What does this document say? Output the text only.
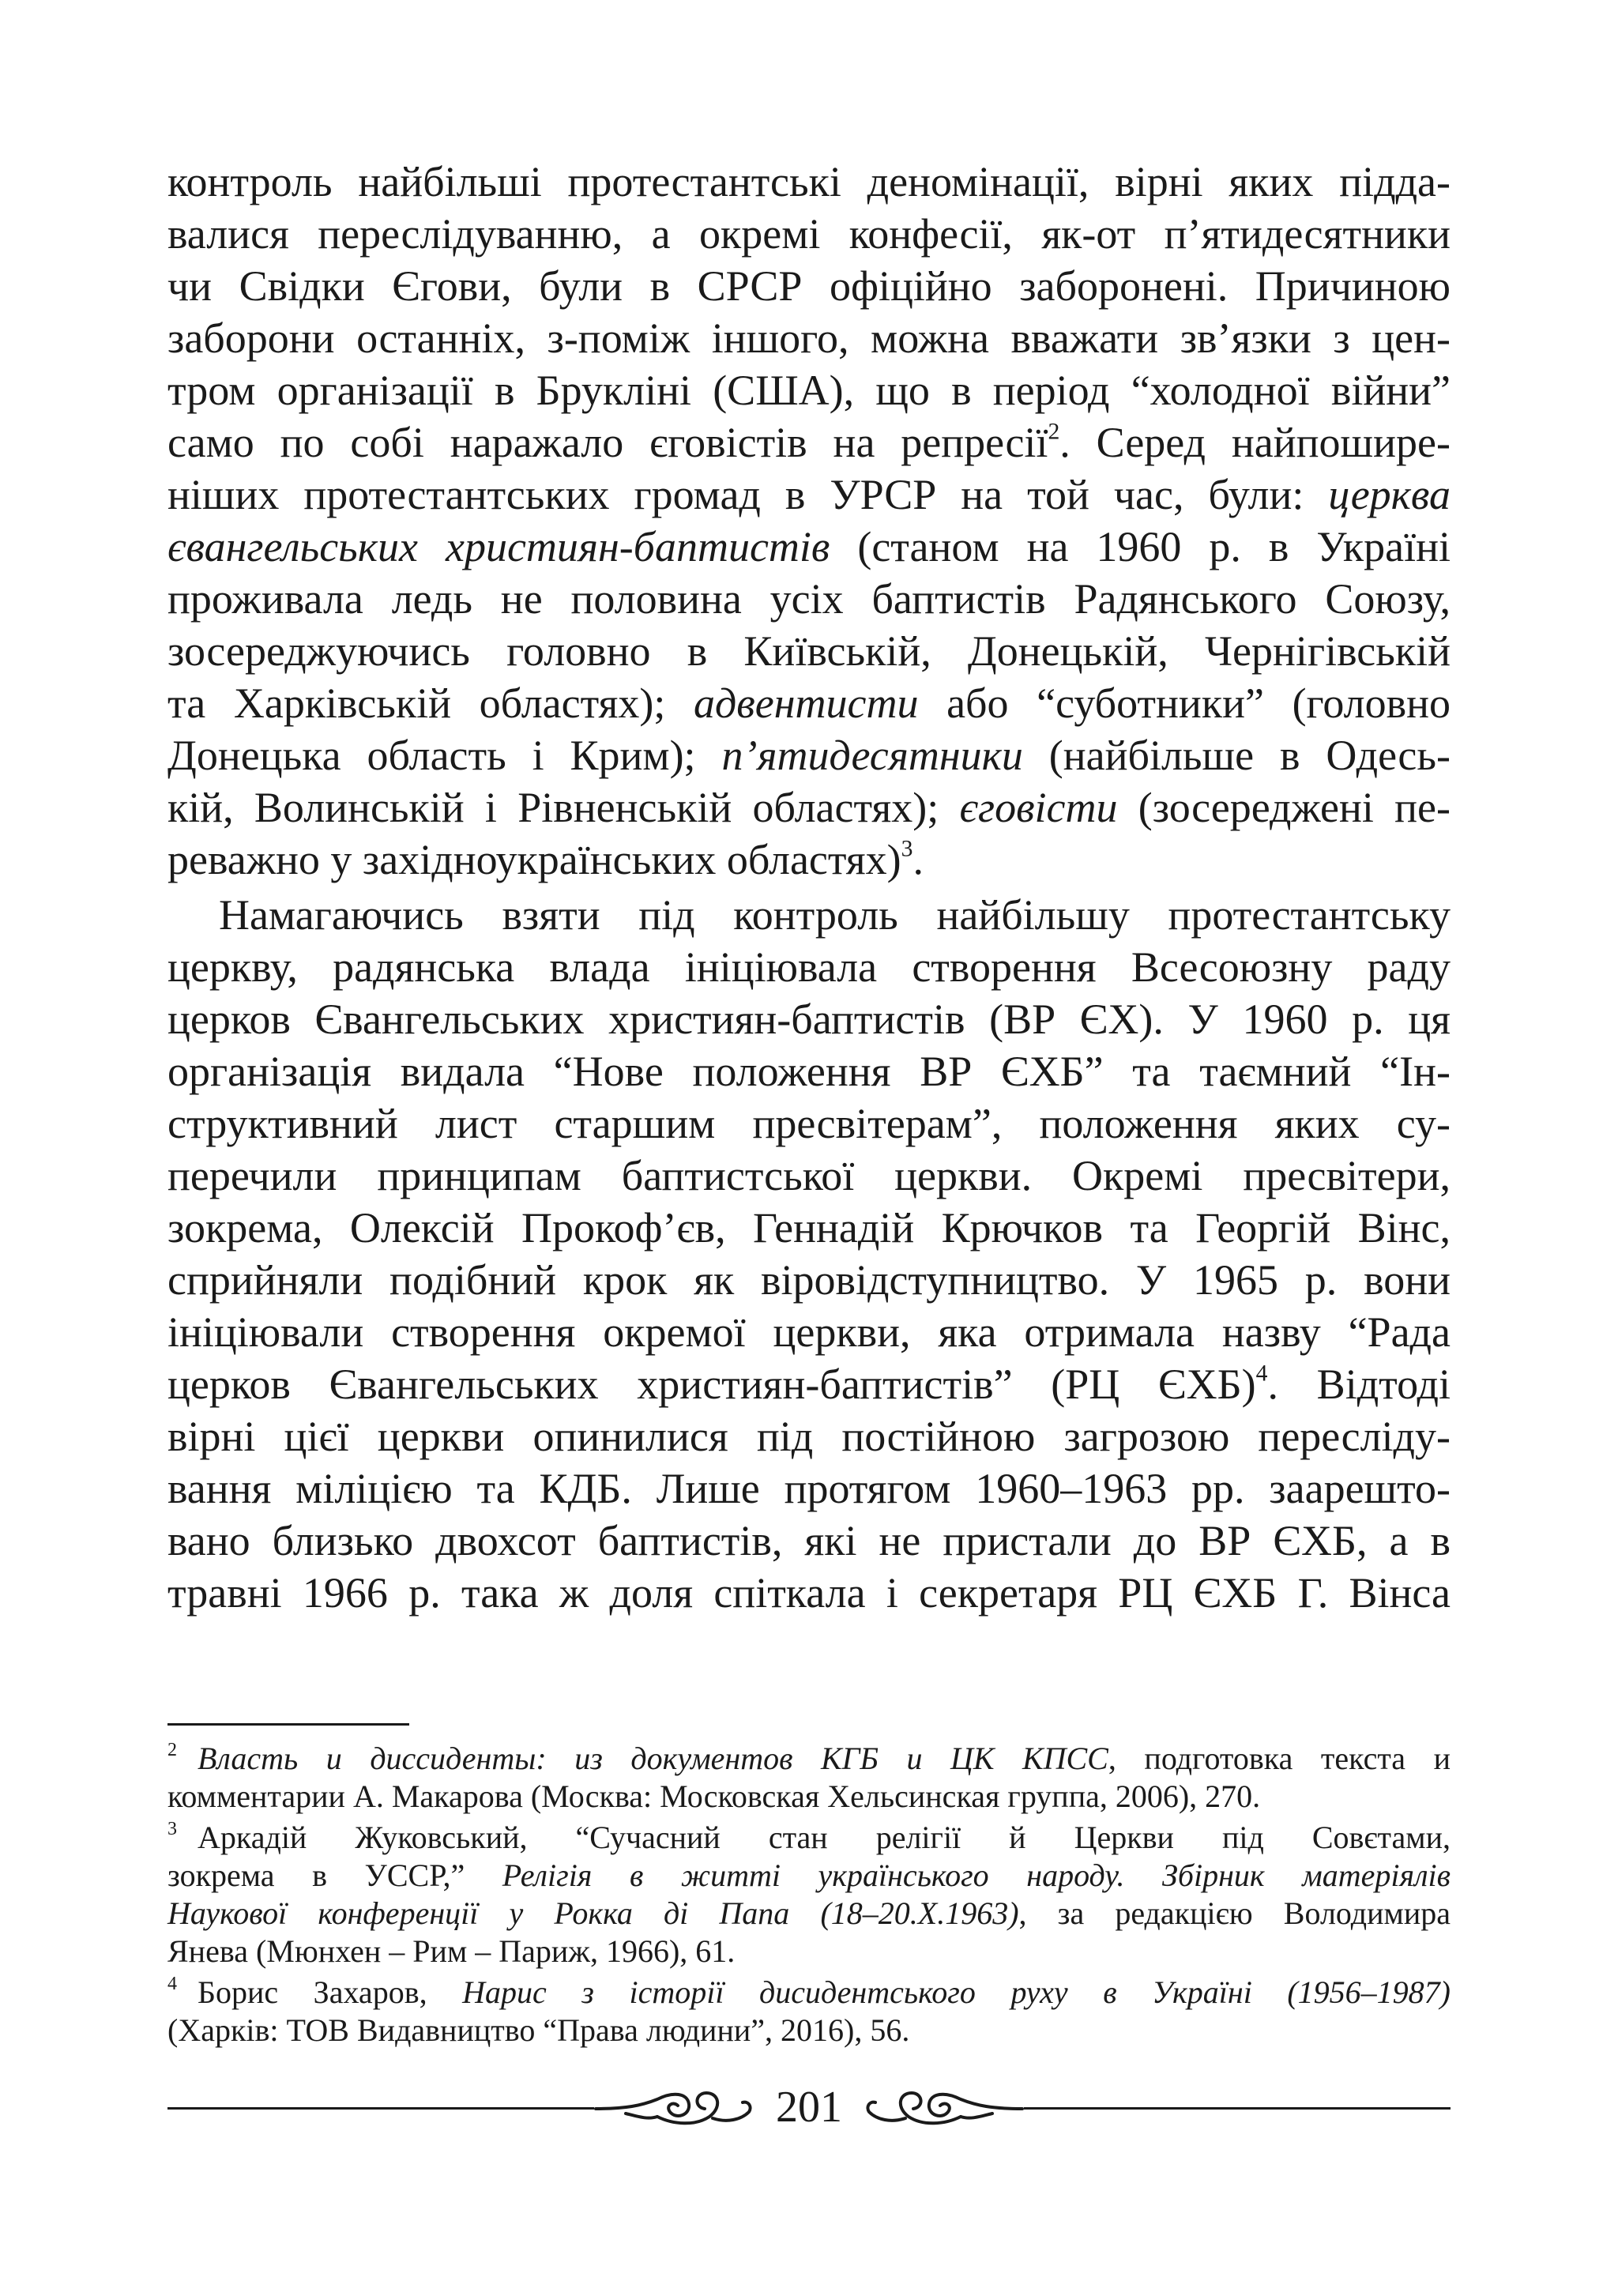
контроль найбільші протестантські деномінації, вірні яких підда-
валися переслідуванню, а окремі конфесії, як-от п’ятидесятники
чи Свідки Єгови, були в СРСР офіційно заборонені. Причиною
заборони останніх, з-поміж іншого, можна вважати зв’язки з цен-
тром організації в Брукліні (США), що в період “холодної війни”
само по собі наражало єговістів на репресії$^2$. Серед найпошире-
ніших протестантських громад в УРСР на той час, були: церква
євангельських християн-баптистів (станом на 1960 р. в Україні
проживала ледь не половина усіх баптистів Радянського Союзу,
зосереджуючись головно в Київській, Донецькій, Чернігівській
та Харківській областях); адвентисти або “суботники” (головно
Донецька область і Крим); п’ятидесятники (найбільше в Одесь-
кій, Волинській і Рівненській областях); єговісти (зосереджені пе-
реважно у західноукраїнських областях)$^3$.
Намагаючись взяти під контроль найбільшу протестантську
церкву, радянська влада ініціювала створення Всесоюзну раду
церков Євангельських християн-баптистів (ВР ЄХ). У 1960 р. ця
організація видала “Нове положення ВР ЄХБ” та таємний “Ін-
структивний лист старшим пресвітерам”, положення яких су-
перечили принципам баптистської церкви. Окремі пресвітери,
зокрема, Олексій Прокоф’єв, Геннадій Крючков та Георгій Вінс,
сприйняли подібний крок як віровідступництво. У 1965 р. вони
ініціювали створення окремої церкви, яка отримала назву “Рада
церков Євангельських християн-баптистів” (РЦ ЄХБ)$^4$. Відтоді
вірні цієї церкви опинилися під постійною загрозою пересліду-
вання міліцією та КДБ. Лише протягом 1960–1963 рр. заарешто-
вано близько двохсот баптистів, які не пристали до ВР ЄХБ, а в
травні 1966 р. така ж доля спіткала і секретаря РЦ ЄХБ Г. Вінса
$^2$ Власть и диссиденты: из документов КГБ и ЦК КПСС, подготовка текста и
комментарии А. Макарова (Москва: Московская Хельсинская группа, 2006), 270.
$^3$ Аркадій Жуковський, “Сучасний стан релігії й Церкви під Совєтами,
зокрема в УССР,” Релігія в житті українського народу. Збірник матеріялів
Наукової конференції у Рокка ді Папа (18–20.Х.1963), за редакцією Володимира
Янева (Мюнхен – Рим – Париж, 1966), 61.
$^4$ Борис Захаров, Нарис з історії дисидентського руху в Україні (1956–1987)
(Харків: ТОВ Видавництво “Права людини”, 2016), 56.
201
